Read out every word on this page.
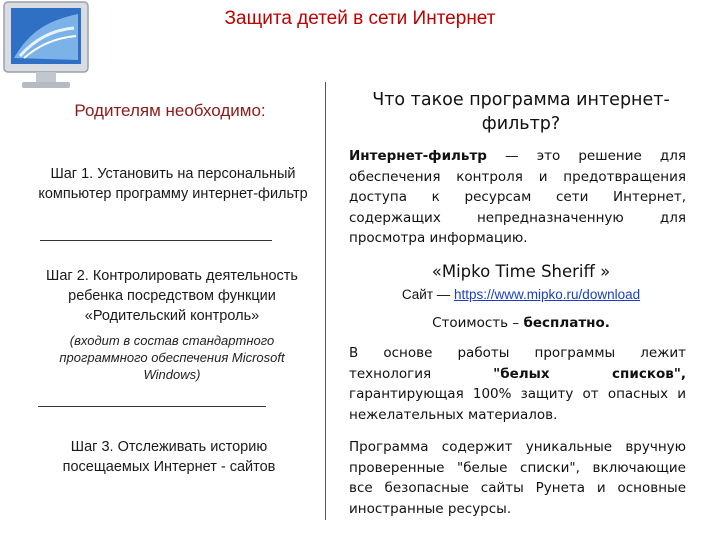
Защита детей в сети Интернет
Родителям необходимо:
Шаг 1. Установить на персональный компьютер программу интернет-фильтр
Шаг 2. Контролировать деятельность ребенка посредством функции «Родительский контроль»
(входит в состав стандартного программного обеспечения Microsoft Windows)
Шаг 3. Отслеживать историю посещаемых Интернет - сайтов
Что такое программа интернет-фильтр?
Интернет-фильтр — это решение для обеспечения контроля и предотвращения доступа к ресурсам сети Интернет, содержащих непредназначенную для просмотра информацию.
«Mipko Time Sheriff »
Сайт — https://www.mipko.ru/download
Стоимость – бесплатно.
В основе работы программы лежит технология "белых списков", гарантирующая 100% защиту от опасных и нежелательных материалов.
Программа содержит уникальные вручную проверенные "белые списки", включающие все безопасные сайты Рунета и основные иностранные ресурсы.
